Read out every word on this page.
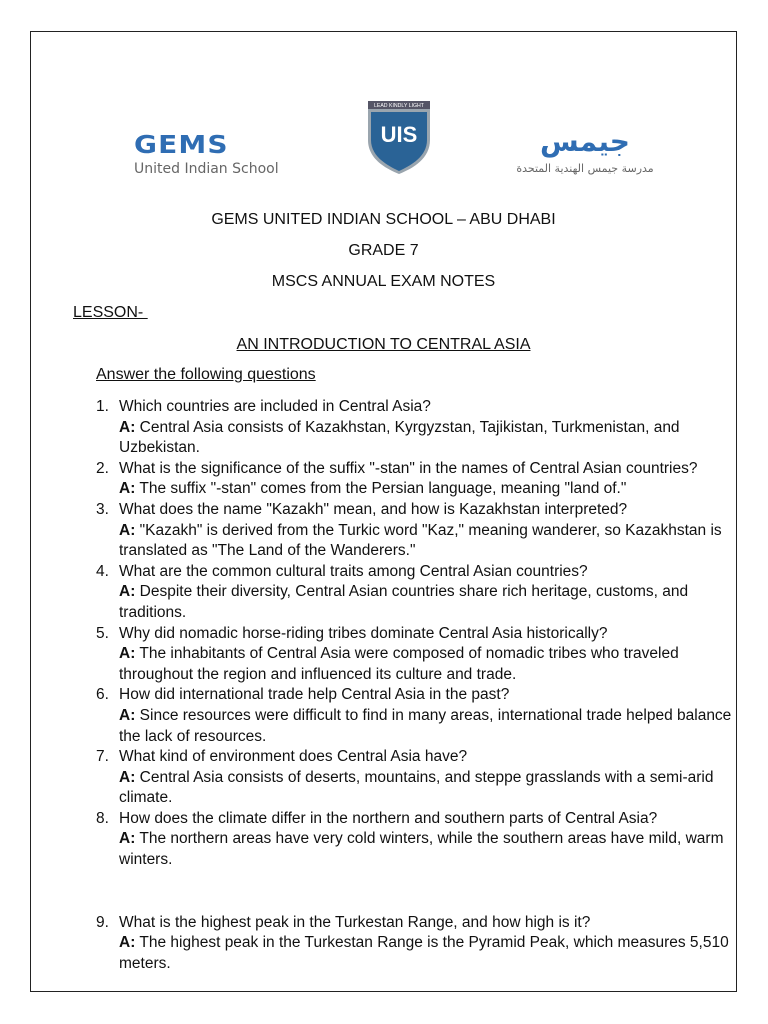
GEMS
United Indian School
LEAD KINDLY LIGHT
UIS	جيمس
مدرسة جيمس الهندية المتحدة
GEMS UNITED INDIAN SCHOOL – ABU DHABI
GRADE 7
MSCS ANNUAL EXAM NOTES
LESSON-
AN INTRODUCTION TO CENTRAL ASIA
Answer the following questions
1. Which countries are included in Central Asia?
A: Central Asia consists of Kazakhstan, Kyrgyzstan, Tajikistan, Turkmenistan, and Uzbekistan.
2. What is the significance of the suffix "-stan" in the names of Central Asian countries?
A: The suffix "-stan" comes from the Persian language, meaning "land of."
3. What does the name "Kazakh" mean, and how is Kazakhstan interpreted?
A: "Kazakh" is derived from the Turkic word "Kaz," meaning wanderer, so Kazakhstan is translated as "The Land of the Wanderers."
4. What are the common cultural traits among Central Asian countries?
A: Despite their diversity, Central Asian countries share rich heritage, customs, and traditions.
5. Why did nomadic horse-riding tribes dominate Central Asia historically?
A: The inhabitants of Central Asia were composed of nomadic tribes who traveled throughout the region and influenced its culture and trade.
6. How did international trade help Central Asia in the past?
A: Since resources were difficult to find in many areas, international trade helped balance the lack of resources.
7. What kind of environment does Central Asia have?
A: Central Asia consists of deserts, mountains, and steppe grasslands with a semi-arid climate.
8. How does the climate differ in the northern and southern parts of Central Asia?
A: The northern areas have very cold winters, while the southern areas have mild, warm winters.
9. What is the highest peak in the Turkestan Range, and how high is it?
A: The highest peak in the Turkestan Range is the Pyramid Peak, which measures 5,510 meters.
